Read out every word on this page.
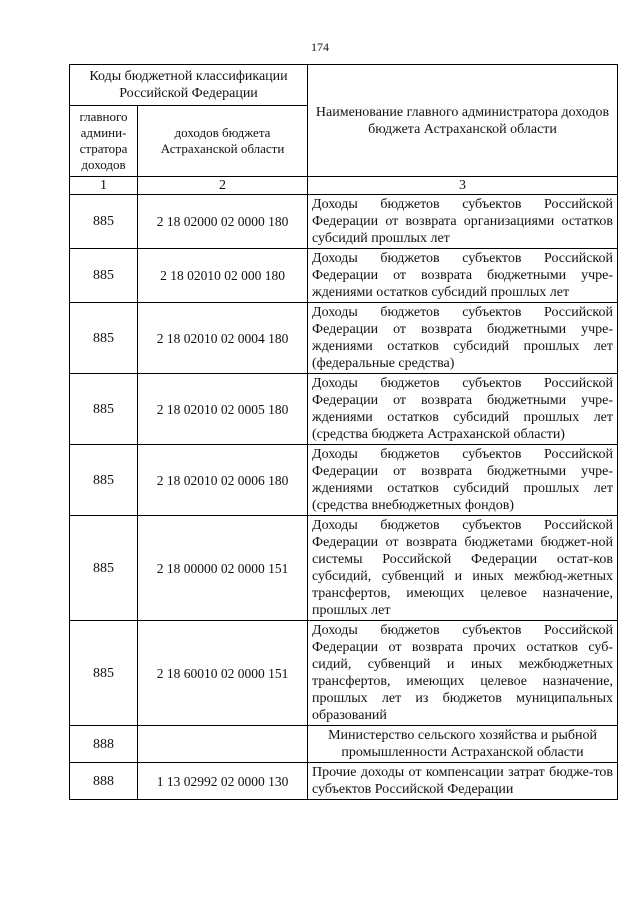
174
Коды бюджетной классификации Российской Федерации		Наименование главного администратора доходов бюджета Астраханской области
главного админи-стратора доходов	доходов бюджета Астраханской области	
1	2	3
885	2 18 02000 02 0000 180	Доходы бюджетов субъектов Российской Федерации от возврата организациями остатков субсидий прошлых лет
885	2 18 02010 02 000 180	Доходы бюджетов субъектов Российской Федерации от возврата бюджетными учре-ждениями остатков субсидий прошлых лет
885	2 18 02010 02 0004 180	Доходы бюджетов субъектов Российской Федерации от возврата бюджетными учре-ждениями остатков субсидий прошлых лет (федеральные средства)
885	2 18 02010 02 0005 180	Доходы бюджетов субъектов Российской Федерации от возврата бюджетными учре-ждениями остатков субсидий прошлых лет (средства бюджета Астраханской области)
885	2 18 02010 02 0006 180	Доходы бюджетов субъектов Российской Федерации от возврата бюджетными учре-ждениями остатков субсидий прошлых лет (средства внебюджетных фондов)
885	2 18 00000 02 0000 151	Доходы бюджетов субъектов Российской Федерации от возврата бюджетами бюджет-ной системы Российской Федерации остат-ков субсидий, субвенций и иных межбюд-жетных трансфертов, имеющих целевое назначение, прошлых лет
885	2 18 60010 02 0000 151	Доходы бюджетов субъектов Российской Федерации от возврата прочих остатков суб-сидий, субвенций и иных межбюджетных трансфертов, имеющих целевое назначение, прошлых лет из бюджетов муниципальных образований
888		Министерство сельского хозяйства и рыбной промышленности Астраханской области
888	1 13 02992 02 0000 130	Прочие доходы от компенсации затрат бюдже-тов субъектов Российской Федерации
